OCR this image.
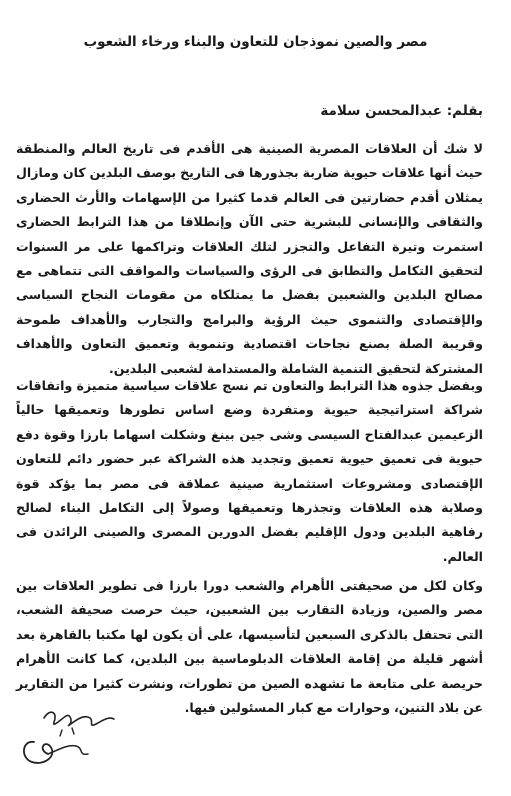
مصر والصين نموذجان للتعاون والبناء ورخاء الشعوب
بقلم: عبدالمحسن سلامة
لا شك أن العلاقات المصرية الصينية هى الأقدم فى تاريخ العالم والمنطقة حيث أنها علاقات حيوية ضاربة بجذورها فى التاريخ بوصف البلدين كان ومازال يمثلان أقدم حضارتين فى العالم قدما كثيرا من الإسهامات والأرث الحضارى والثقافى والإنسانى للبشرية حتى الآن وإنطلاقا من هذا الترابط الحضارى استمرت وتيرة التفاعل والتجزر لتلك العلاقات وتراكمها على مر السنوات لتحقيق التكامل والتطابق فى الرؤى والسياسات والمواقف التى تتماهى مع مصالح البلدين والشعبين بفضل ما يمتلكاه من مقومات النجاح السياسى والإقتصادى والتنموى حيث الرؤية والبرامج والتجارب والأهداف طموحة وقريبة الصلة بصنع نجاحات اقتصادية وتنموية وتعميق التعاون والأهداف المشتركة لتحقيق التنمية الشاملة والمستدامة لشعبى البلدين.
وبفضل جذوه هذا الترابط والتعاون تم نسج علاقات سياسية متميزة واتفاقات شراكة استراتيجية حيوية ومتفردة وضع اساس تطورها وتعميقها حالياً الزعيمين عبدالفتاح السيسى وشى جين بينغ وشكلت اسهاما بارزا وقوة دفع حيوية فى تعميق حيوية تعميق وتجديد هذه الشراكة عبر حضور دائم للتعاون الإقتصادى ومشروعات استثمارية صينية عملاقة فى مصر بما يؤكد قوة وصلابة هذه العلاقات وتجذرها وتعميقها وصولاً إلى التكامل البناء لصالح رفاهية البلدين ودول الإقليم بفضل الدورين المصرى والصينى الرائدن فى العالم.
وكان لكل من صحيفتى الأهرام والشعب دورا بارزا فى تطوير العلاقات بين مصر والصين، وزيادة التقارب بين الشعبين، حيث حرصت صحيفة الشعب، التى تحتفل بالذكرى السبعين لتأسيسها، على أن يكون لها مكتبا بالقاهرة بعد أشهر قليلة من إقامة العلاقات الدبلوماسية بين البلدين، كما كانت الأهرام حريصة على متابعة ما تشهده الصين من تطورات، ونشرت كثيرا من التقارير عن بلاد التنين، وحوارات مع كبار المسئولين فيها.
